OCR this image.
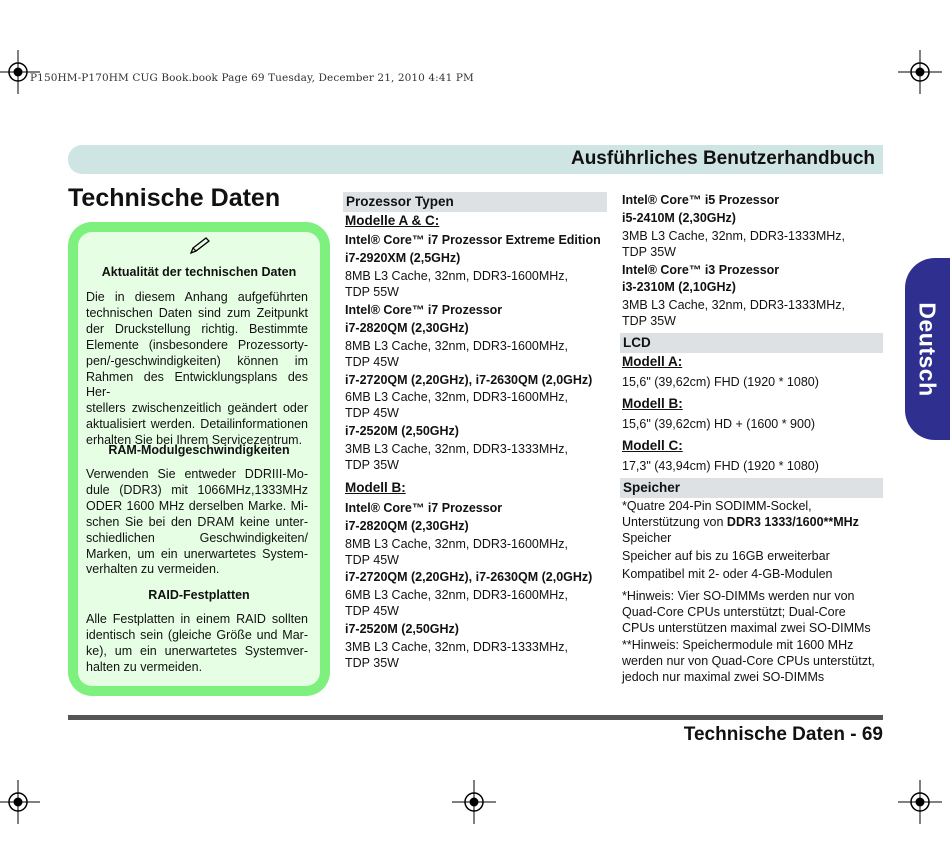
P150HM-P170HM CUG Book.book Page 69 Tuesday, December 21, 2010 4:41 PM
Ausführliches Benutzerhandbuch
Technische Daten
Aktualität der technischen Daten
Die in diesem Anhang aufgeführten
technischen Daten sind zum Zeitpunkt
der Druckstellung richtig. Bestimmte
Elemente (insbesondere Prozessorty-
pen/-geschwindigkeiten) können im
Rahmen des Entwicklungsplans des Her-
stellers zwischenzeitlich geändert oder
aktualisiert werden. Detailinformationen
erhalten Sie bei Ihrem Servicezentrum.
RAM-Modulgeschwindigkeiten
Verwenden Sie entweder DDRIII-Mo-
dule (DDR3) mit 1066MHz,1333MHz
ODER 1600 MHz derselben Marke. Mi-
schen Sie bei den DRAM keine unter-
schiedlichen Geschwindigkeiten/
Marken, um ein unerwartetes System-
verhalten zu vermeiden.
RAID-Festplatten
Alle Festplatten in einem RAID sollten
identisch sein (gleiche Größe und Mar-
ke), um ein unerwartetes Systemver-
halten zu vermeiden.
Prozessor Typen
Modelle A & C:
Intel® Core™ i7 Prozessor Extreme Edition
i7-2920XM (2,5GHz)
8MB L3 Cache, 32nm, DDR3-1600MHz,
TDP 55W
Intel® Core™ i7 Prozessor
i7-2820QM (2,30GHz)
8MB L3 Cache, 32nm, DDR3-1600MHz,
TDP 45W
i7-2720QM (2,20GHz), i7-2630QM (2,0GHz)
6MB L3 Cache, 32nm, DDR3-1600MHz,
TDP 45W
i7-2520M (2,50GHz)
3MB L3 Cache, 32nm, DDR3-1333MHz,
TDP 35W
Modell B:
Intel® Core™ i7 Prozessor
i7-2820QM (2,30GHz)
8MB L3 Cache, 32nm, DDR3-1600MHz,
TDP 45W
i7-2720QM (2,20GHz), i7-2630QM (2,0GHz)
6MB L3 Cache, 32nm, DDR3-1600MHz,
TDP 45W
i7-2520M (2,50GHz)
3MB L3 Cache, 32nm, DDR3-1333MHz,
TDP 35W
Intel® Core™ i5 Prozessor
i5-2410M (2,30GHz)
3MB L3 Cache, 32nm, DDR3-1333MHz,
TDP 35W
Intel® Core™ i3 Prozessor
i3-2310M (2,10GHz)
3MB L3 Cache, 32nm, DDR3-1333MHz,
TDP 35W
LCD
Modell A:
15,6" (39,62cm) FHD (1920 * 1080)
Modell B:
15,6" (39,62cm) HD + (1600 * 900)
Modell C:
17,3" (43,94cm) FHD (1920 * 1080)
Speicher
*Quatre 204-Pin SODIMM-Sockel,
Unterstützung von DDR3 1333/1600**MHz
Speicher
Speicher auf bis zu 16GB erweiterbar
Kompatibel mit 2- oder 4-GB-Modulen
*Hinweis: Vier SO-DIMMs werden nur von
Quad-Core CPUs unterstützt; Dual-Core
CPUs unterstützen maximal zwei SO-DIMMs
**Hinweis: Speichermodule mit 1600 MHz
werden nur von Quad-Core CPUs unterstützt,
jedoch nur maximal zwei SO-DIMMs
Deutsch
Technische Daten - 69
